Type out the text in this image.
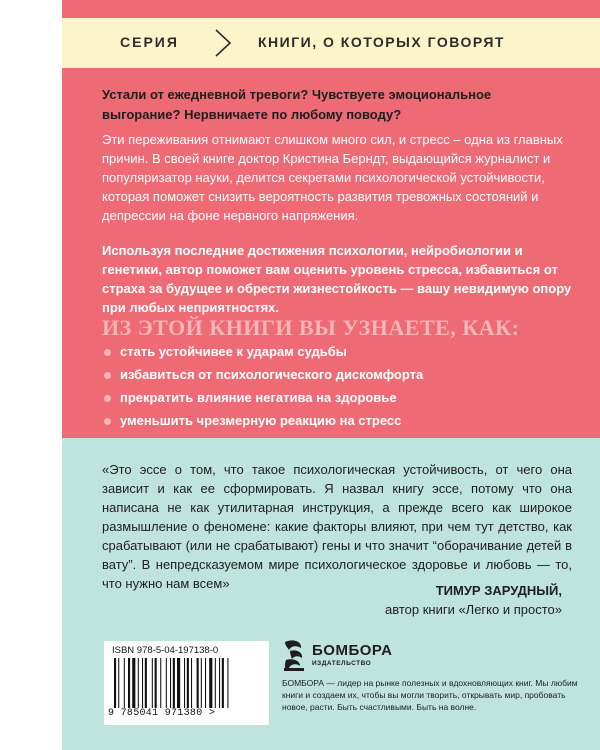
СЕРИЯ	КНИГИ, О КОТОРЫХ ГОВОРЯТ

Устали от ежедневной тревоги? Чувствуете эмоциональное выгорание? Нервничаете по любому поводу?

Эти переживания отнимают слишком много сил, и стресс – одна из главных причин. В своей книге доктор Кристина Берндт, выдающийся журналист и популяризатор науки, делится секретами психологической устойчивости, которая поможет снизить вероятность развития тревожных состояний и депрессии на фоне нервного напряжения.

Используя последние достижения психологии, нейробиологии и генетики, автор поможет вам оценить уровень стресса, избавиться от страха за будущее и обрести жизнестойкость — вашу невидимую опору при любых неприятностях.

ИЗ ЭТОЙ КНИГИ ВЫ УЗНАЕТЕ, КАК:
стать устойчивее к ударам судьбы
избавиться от психологического дискомфорта
прекратить влияние негатива на здоровье
уменьшить чрезмерную реакцию на стресс

«Это эссе о том, что такое психологическая устойчивость, от чего она зависит и как ее сформировать. Я назвал книгу эссе, потому что она написана не как утилитарная инструкция, а прежде всего как широкое размышление о феномене: какие факторы влияют, при чем тут детство, как срабатывают (или не срабатывают) гены и что значит “оборачивание детей в вату”. В непредсказуемом мире психологическое здоровье и любовь — то, что нужно нам всем»	ТИМУР ЗАРУДНЫЙ,
автор книги «Легко и просто»
ISBN 978-5-04-197138-0
9 785041 971380 >
БОМБОРА
ИЗДАТЕЛЬСТВО

БОМБОРА — лидер на рынке полезных и вдохновляющих книг. Мы любим книги и создаем их, чтобы вы могли творить, открывать мир, пробовать новое, расти. Быть счастливыми. Быть на волне.
